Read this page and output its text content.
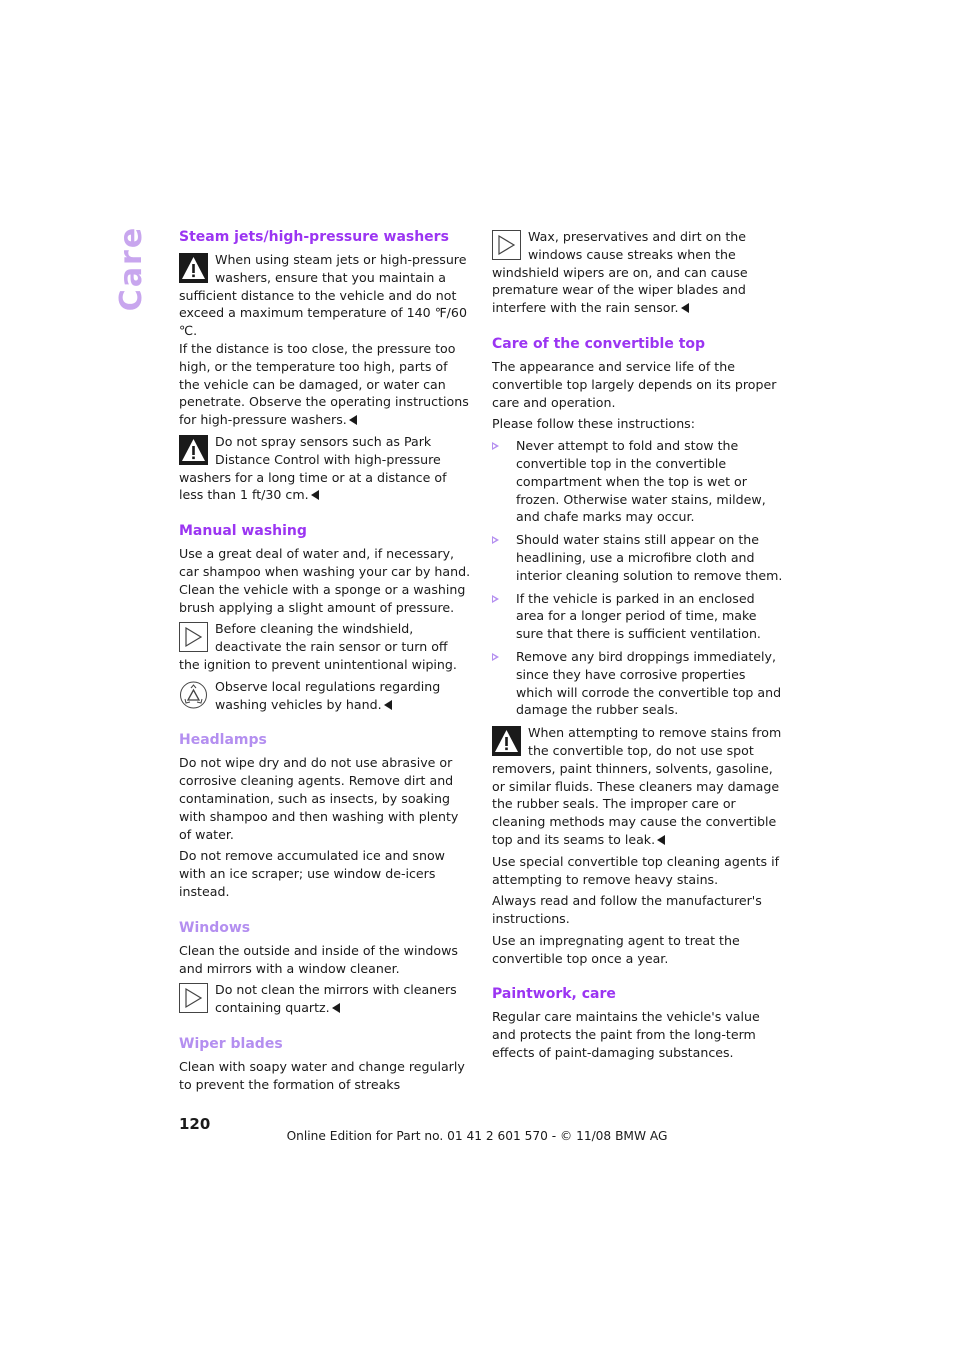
Care Steam jets/high-pressure washers

When using steam jets or high-pressure washers, ensure that you maintain a sufficient distance to the vehicle and do not exceed a maximum temperature of 140 ℉/60 ℃.

If the distance is too close, the pressure too high, or the temperature too high, parts of the vehicle can be damaged, or water can penetrate. Observe the operating instructions for high-pressure washers.

Do not spray sensors such as Park Distance Control with high-pressure washers for a long time or at a distance of less than 1 ft/30 cm.

Manual washing

Use a great deal of water and, if necessary, car shampoo when washing your car by hand. Clean the vehicle with a sponge or a washing brush applying a slight amount of pressure.

Before cleaning the windshield, deactivate the rain sensor or turn off the ignition to prevent unintentional wiping.

Observe local regulations regarding washing vehicles by hand.

Headlamps

Do not wipe dry and do not use abrasive or corrosive cleaning agents. Remove dirt and contamination, such as insects, by soaking with shampoo and then washing with plenty of water.

Do not remove accumulated ice and snow with an ice scraper; use window de-icers instead.

Windows

Clean the outside and inside of the windows and mirrors with a window cleaner.

Do not clean the mirrors with cleaners containing quartz.

Wiper blades

Clean with soapy water and change regularly to prevent the formation of streaks

Wax, preservatives and dirt on the windows cause streaks when the windshield wipers are on, and can cause premature wear of the wiper blades and interfere with the rain sensor.

Care of the convertible top

The appearance and service life of the convertible top largely depends on its proper care and operation.

Please follow these instructions:

Never attempt to fold and stow the convertible top in the convertible compartment when the top is wet or frozen. Otherwise water stains, mildew, and chafe marks may occur.
Should water stains still appear on the headlining, use a microfibre cloth and interior cleaning solution to remove them.
If the vehicle is parked in an enclosed area for a longer period of time, make sure that there is sufficient ventilation.
Remove any bird droppings immediately, since they have corrosive properties which will corrode the convertible top and damage the rubber seals.

When attempting to remove stains from the convertible top, do not use spot removers, paint thinners, solvents, gasoline, or similar fluids. These cleaners may damage the rubber seals. The improper care or cleaning methods may cause the convertible top and its seams to leak.

Use special convertible top cleaning agents if attempting to remove heavy stains.

Always read and follow the manufacturer's instructions.

Use an impregnating agent to treat the convertible top once a year.

Paintwork, care

Regular care maintains the vehicle's value and protects the paint from the long-term effects of paint-damaging substances.

120
Online Edition for Part no. 01 41 2 601 570 - © 11/08 BMW AG
